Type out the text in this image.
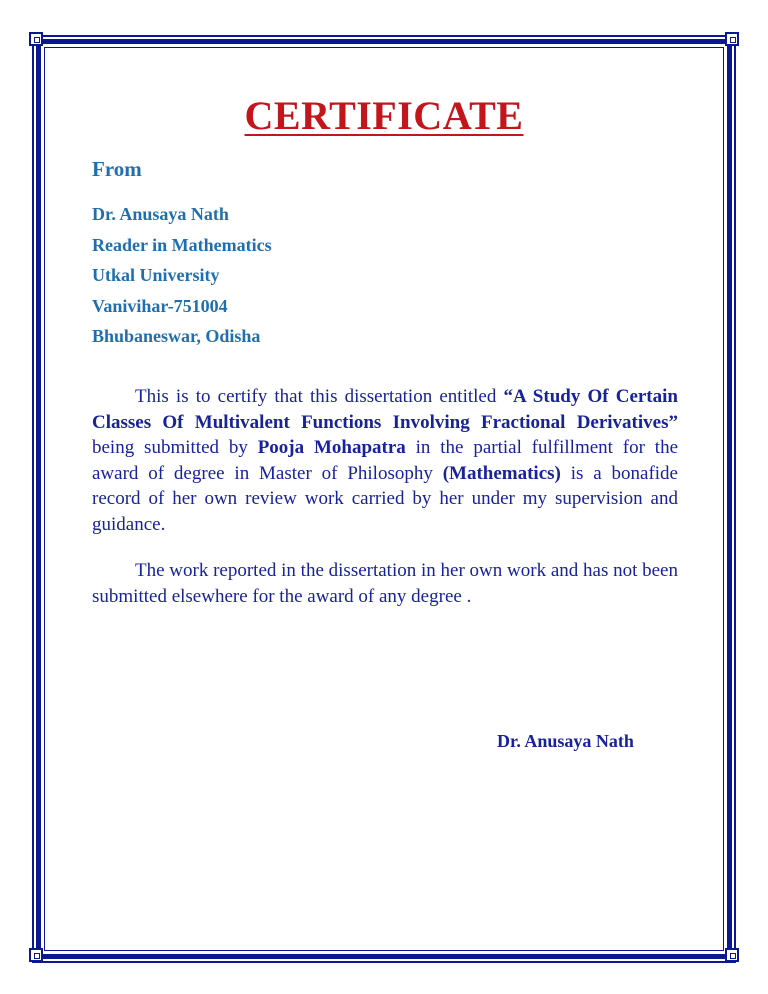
CERTIFICATE
From
Dr. Anusaya Nath
Reader in Mathematics
Utkal University
Vanivihar-751004
Bhubaneswar, Odisha

This is to certify that this dissertation entitled “A Study Of Certain Classes Of Multivalent Functions Involving Fractional Derivatives” being submitted by Pooja Mohapatra in the partial fulfillment for the award of degree in Master of Philosophy (Mathematics) is a bonafide record of her own review work carried by her under my supervision and guidance.

The work reported in the dissertation in her own work and has not been submitted elsewhere for the award of any degree .

Dr. Anusaya Nath
